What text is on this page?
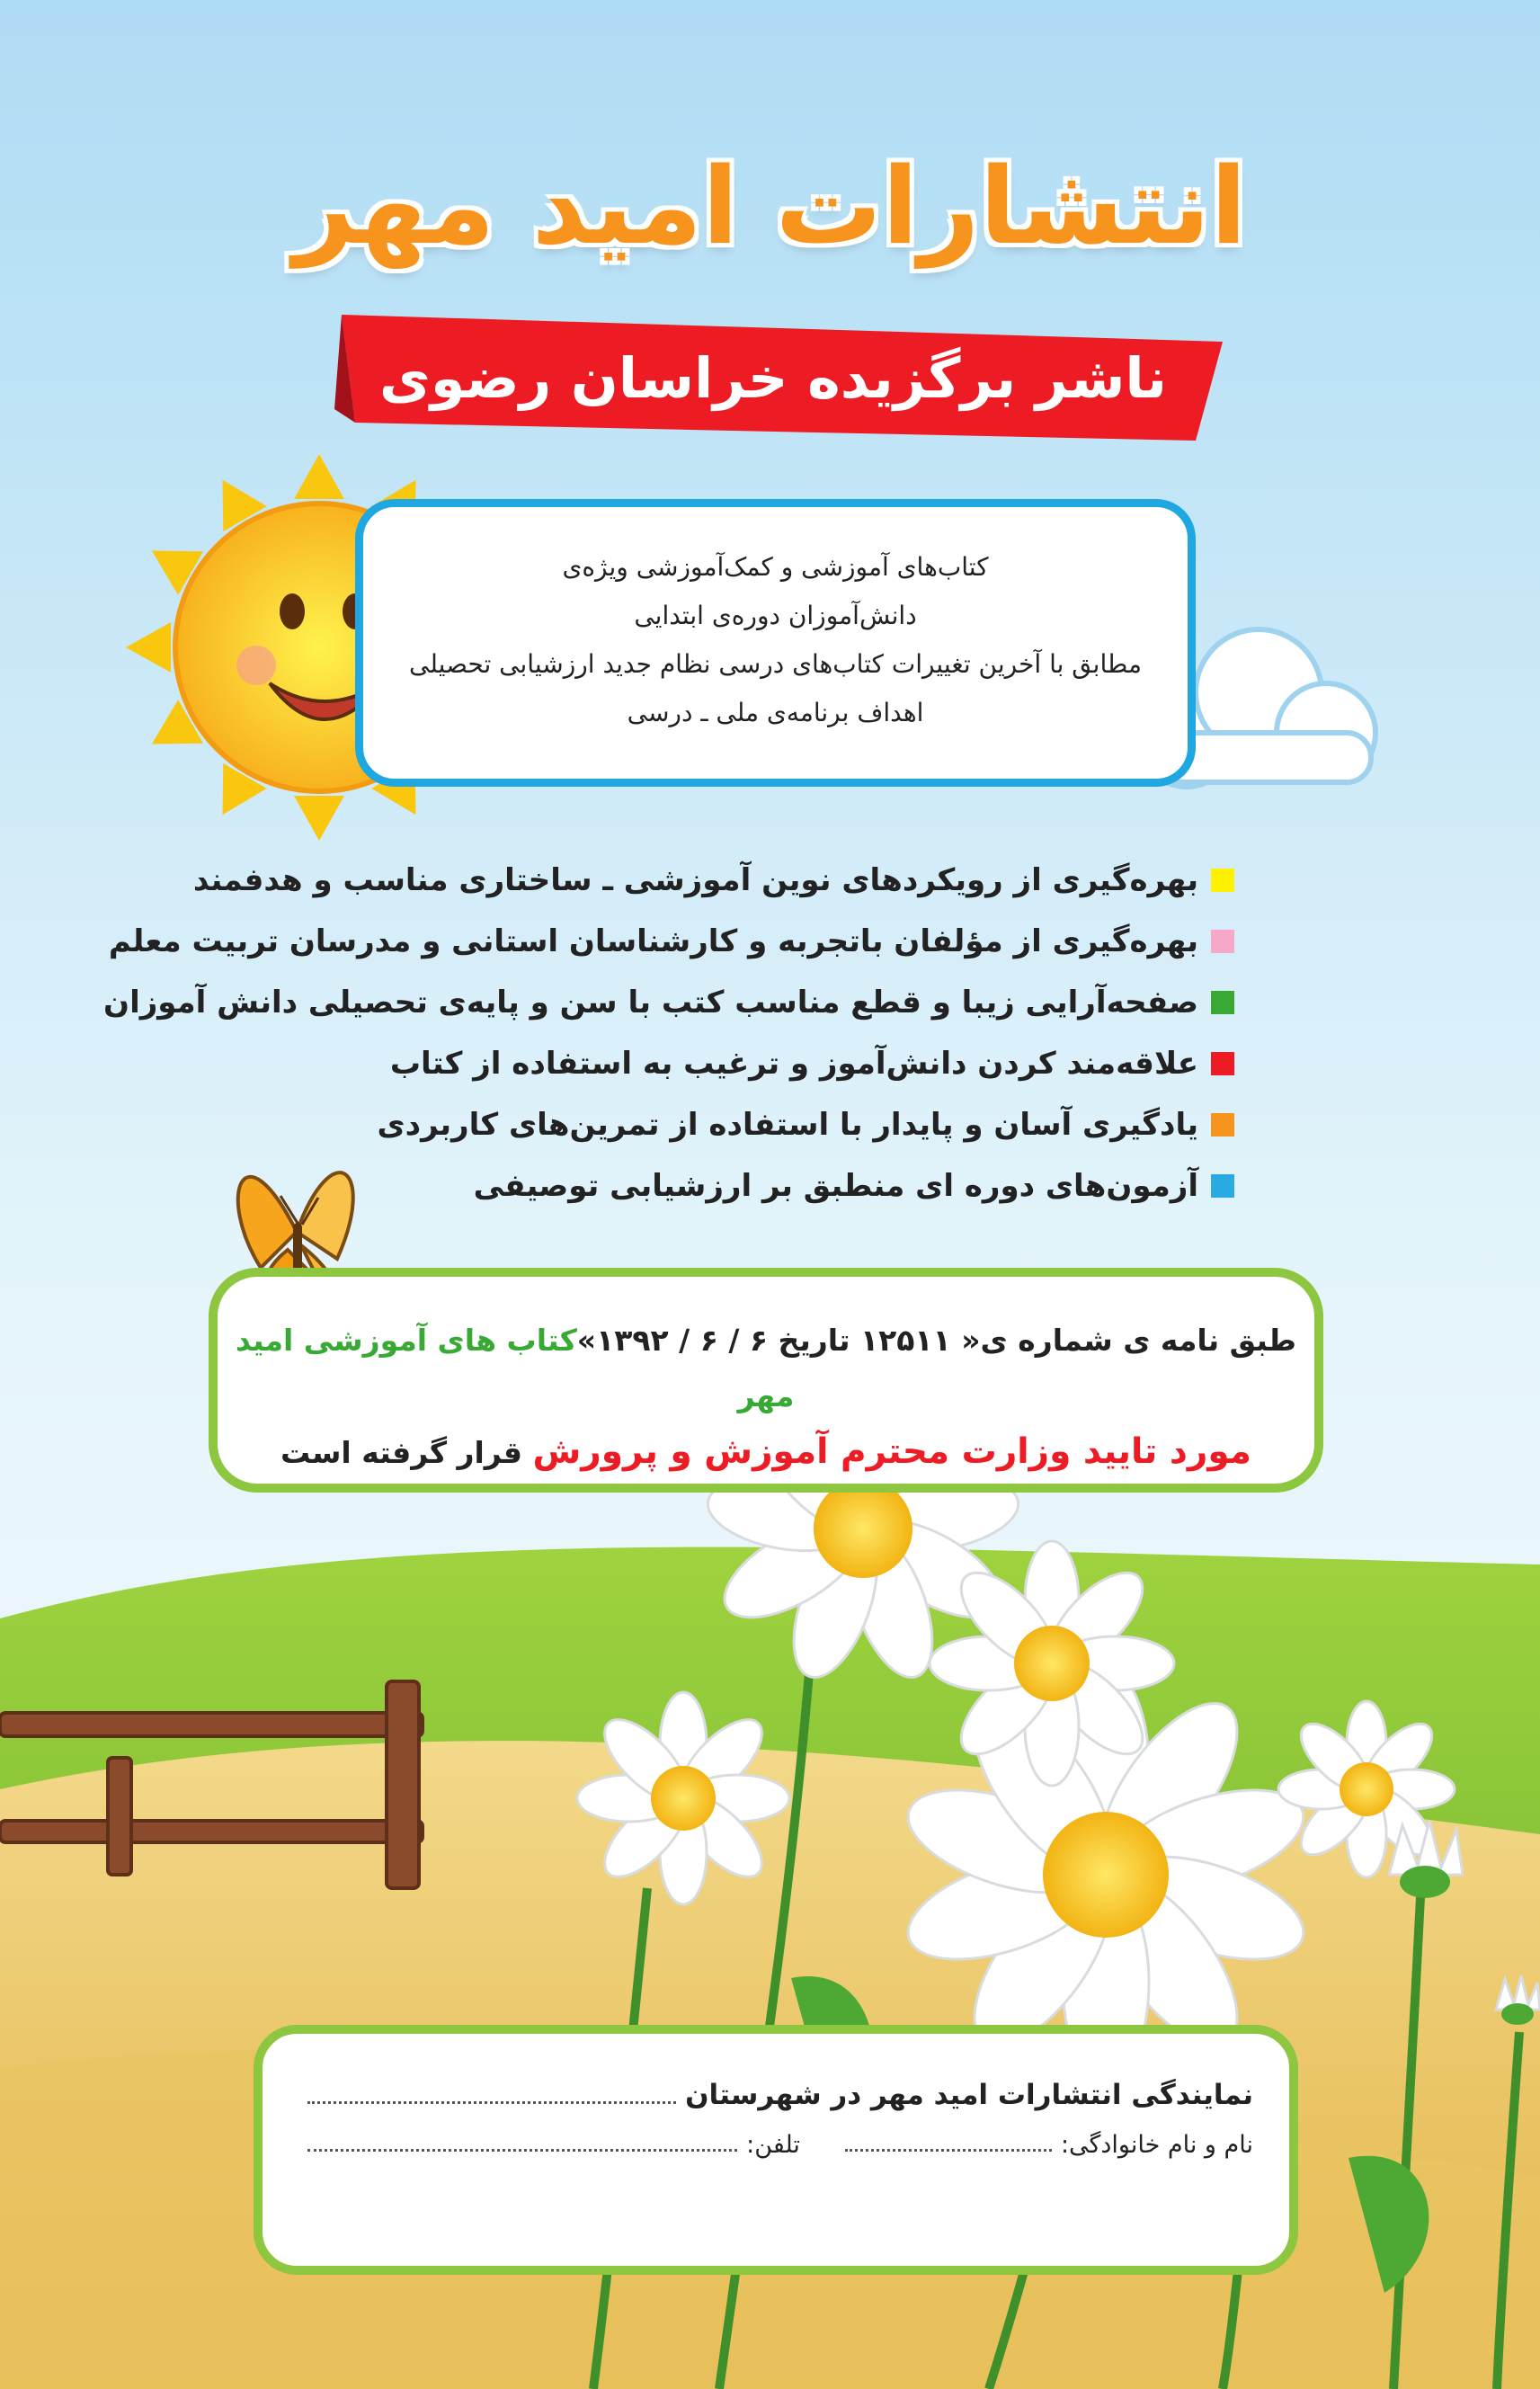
انتشارات امید مهر
ناشر برگزیده خراسان رضوی
کتاب‌های آموزشی و کمک‌آموزشی ویژه‌ی
دانش‌آموزان دوره‌ی ابتدایی
مطابق با آخرین تغییرات کتاب‌های درسی نظام جدید ارزشیابی تحصیلی
اهداف برنامه‌ی ملی ـ درسی
بهره‌گیری از رویکردهای نوین آموزشی ـ ساختاری مناسب و هدفمند
بهره‌گیری از مؤلفان باتجربه و کارشناسان استانی و مدرسان تربیت معلم
صفحه‌آرایی زیبا و قطع مناسب کتب با سن و پایه‌ی تحصیلی دانش آموزان
علاقه‌مند کردن دانش‌آموز و ترغیب به استفاده از کتاب
یادگیری آسان و پایدار با استفاده از تمرین‌های کاربردی
آزمون‌های دوره ای منطبق بر ارزشیابی توصیفی
طبق نامه ی شماره ی« ۱۲۵۱۱ تاریخ ۶ / ۶ / ۱۳۹۲»کتاب های آموزشی امید مهر
مورد تایید وزارت محترم آموزش و پرورش قرار گرفته است
نمایندگی انتشارات امید مهر در شهرستان
نام و نام خانوادگی:
تلفن:
